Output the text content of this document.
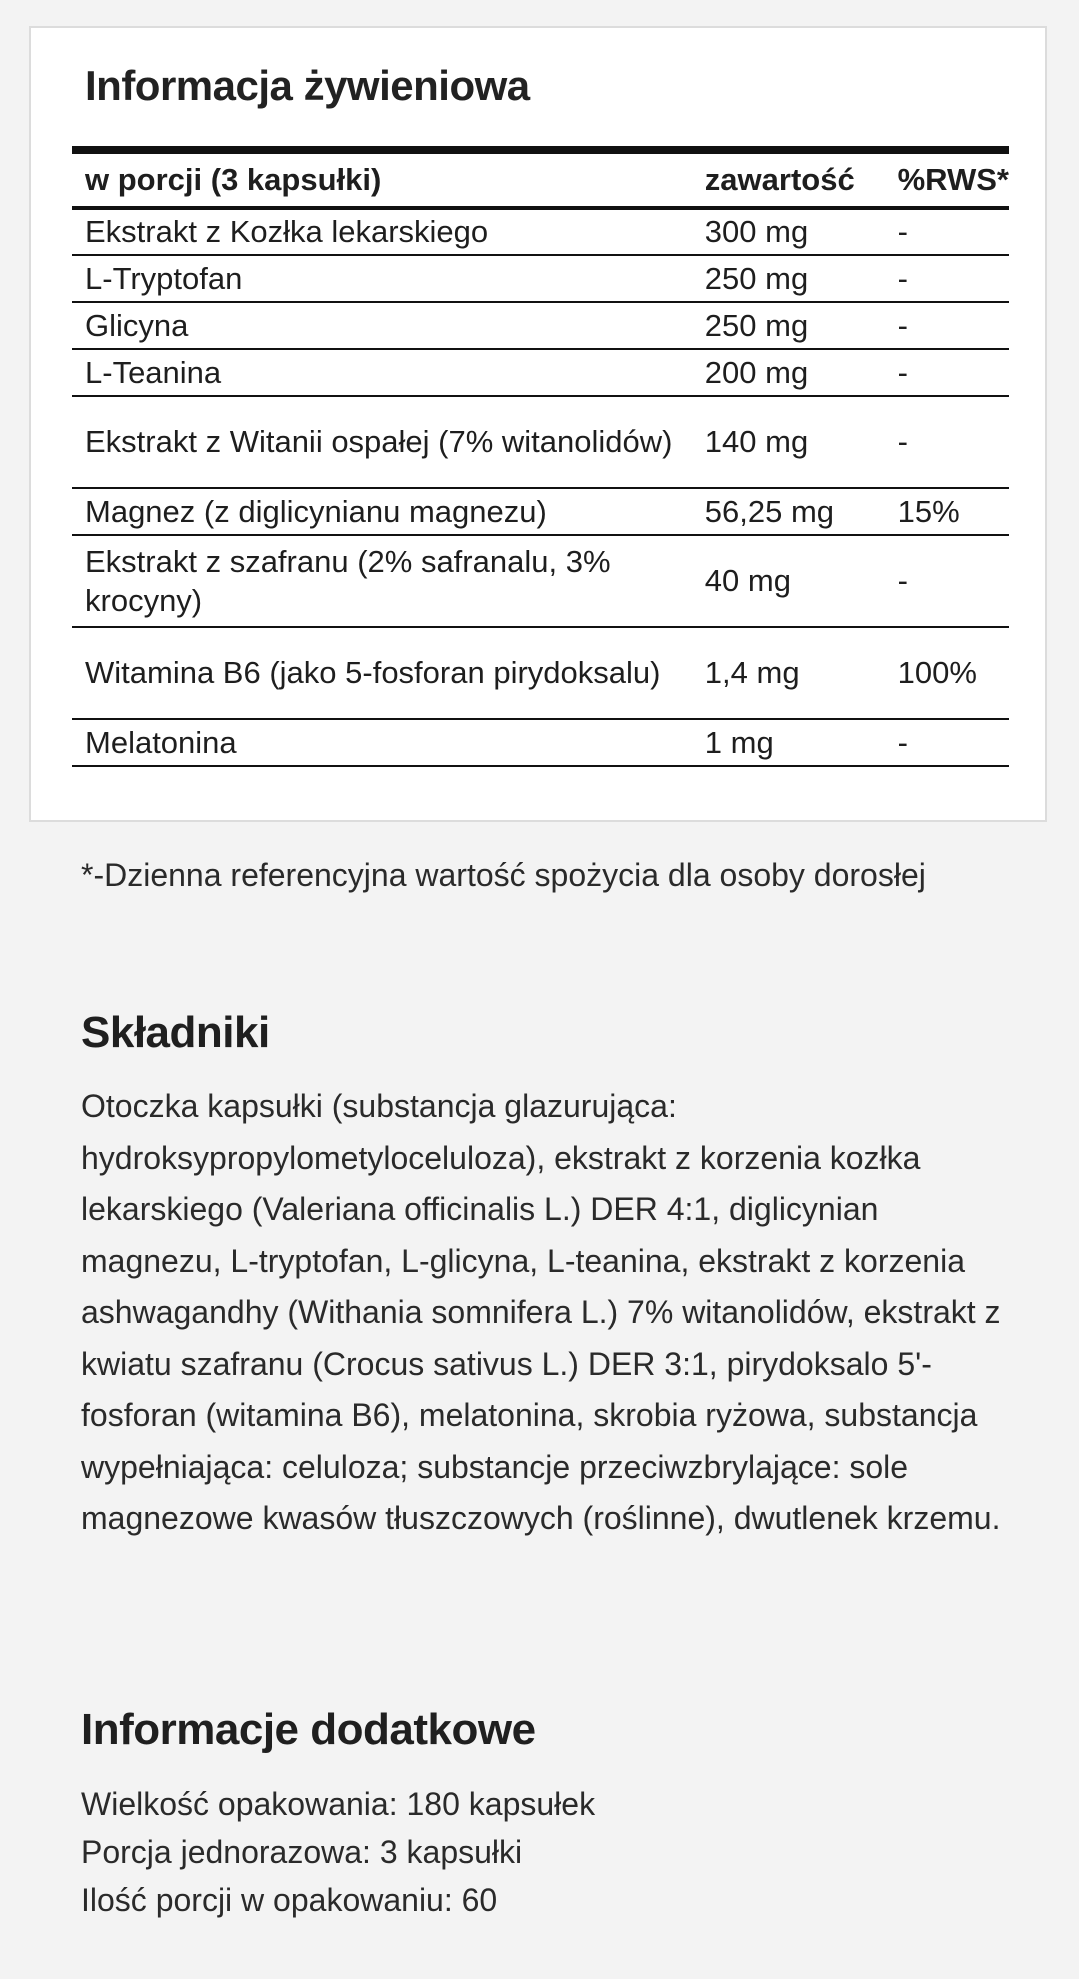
Informacja żywieniowa
w porcji (3 kapsułki)	zawartość	%RWS*
Ekstrakt z Kozłka lekarskiego	300 mg	-
L-Tryptofan	250 mg	-
Glicyna	250 mg	-
L-Teanina	200 mg	-
Ekstrakt z Witanii ospałej (7% witanolidów)	140 mg	-
Magnez (z diglicynianu magnezu)	56,25 mg	15%
Ekstrakt z szafranu (2% safranalu, 3% krocyny)	40 mg	-
Witamina B6 (jako 5-fosforan pirydoksalu)	1,4 mg	100%
Melatonina	1 mg	-

*-Dzienna referencyjna wartość spożycia dla osoby dorosłej

Składniki

Otoczka kapsułki (substancja glazurująca: hydroksypropylometyloceluloza), ekstrakt z korzenia kozłka lekarskiego (Valeriana officinalis L.) DER 4:1, diglicynian magnezu, L-tryptofan, L-glicyna, L-teanina, ekstrakt z korzenia ashwagandhy (Withania somnifera L.) 7% witanolidów, ekstrakt z kwiatu szafranu (Crocus sativus L.) DER 3:1, pirydoksalo 5'-fosforan (witamina B6), melatonina, skrobia ryżowa, substancja wypełniająca: celuloza; substancje przeciwzbrylające: sole magnezowe kwasów tłuszczowych (roślinne), dwutlenek krzemu.

Informacje dodatkowe
Wielkość opakowania: 180 kapsułek
Porcja jednorazowa: 3 kapsułki
Ilość porcji w opakowaniu: 60
